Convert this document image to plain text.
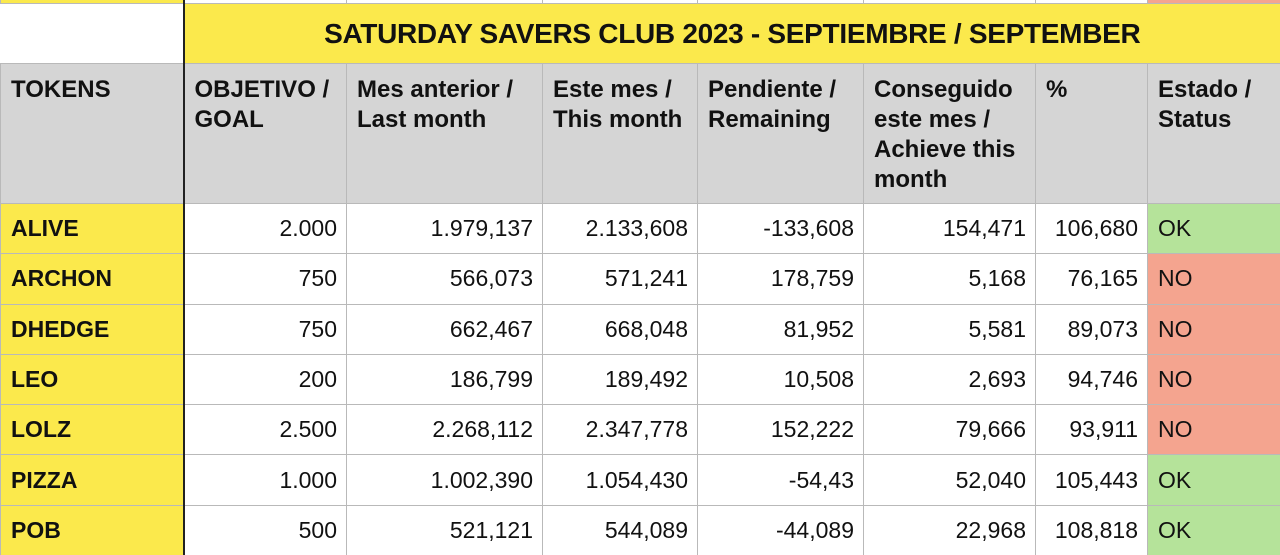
	SATURDAY SAVERS CLUB 2023 - SEPTIEMBRE / SEPTEMBER						
TOKENS	OBJETIVO / GOAL	Mes anterior / Last month	Este mes / This month	Pendiente / Remaining	Conseguido este mes / Achieve this month	%	Estado / Status
ALIVE	2.000	1.979,137	2.133,608	-133,608	154,471	106,680	OK
ARCHON	750	566,073	571,241	178,759	5,168	76,165	NO
DHEDGE	750	662,467	668,048	81,952	5,581	89,073	NO
LEO	200	186,799	189,492	10,508	2,693	94,746	NO
LOLZ	2.500	2.268,112	2.347,778	152,222	79,666	93,911	NO
PIZZA	1.000	1.002,390	1.054,430	-54,43	52,040	105,443	OK
POB	500	521,121	544,089	-44,089	22,968	108,818	OK
